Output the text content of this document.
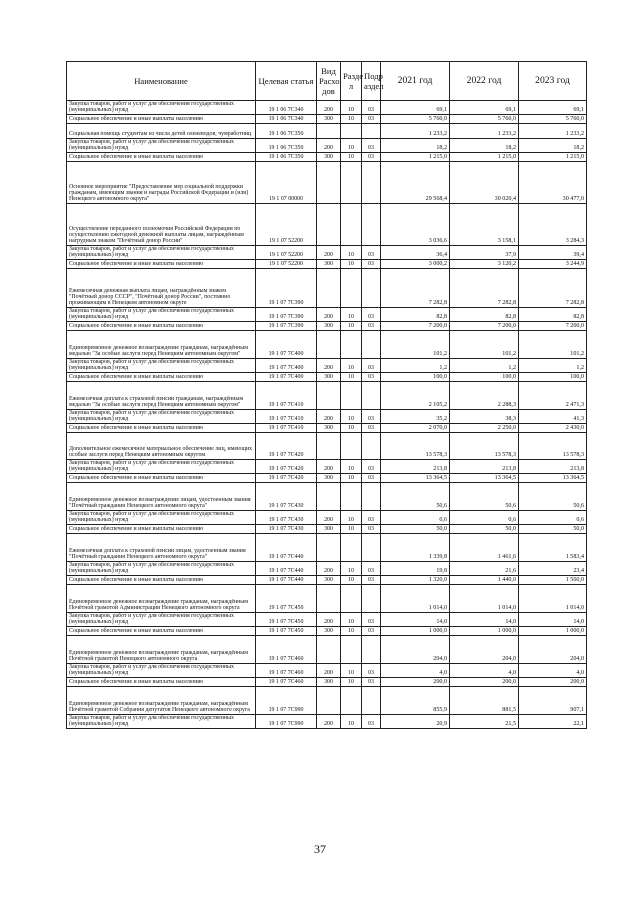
Наименование	Целевая статья	Вид Расхо дов	Разде л	Подр аздел	2021 год	2022 год	2023 год
Закупка товаров, работ и услуг для обеспечения государственных (муниципальных) нужд	19 1 06 7С340	200	10	03	69,1	69,1	69,1
Социальное обеспечение и иные выплаты населению	19 1 06 7С340	300	10	03	5 760,0	5 760,0	5 760,0
Социальная помощь студентам из числа детей оленеводов, чумработниц	19 1 06 7С350				1 233,2	1 233,2	1 233,2
Закупка товаров, работ и услуг для обеспечения государственных (муниципальных) нужд	19 1 06 7С350	200	10	03	18,2	18,2	18,2
Социальное обеспечение и иные выплаты населению	19 1 06 7С350	300	10	03	1 215,0	1 215,0	1 215,0
Основное мероприятие "Предоставление мер социальной поддержки гражданам, имеющим звания и награды Российской Федерации и (или) Ненецкого автономного округа"	19 1 07 00000				29 568,4	30 020,4	30 477,0
Осуществление переданного полномочия Российской Федерации по осуществлению ежегодной денежной выплаты лицам, награждённым нагрудным знаком "Почётный донор России"	19 1 07 52200				3 036,6	3 158,1	3 284,3
Закупка товаров, работ и услуг для обеспечения государственных (муниципальных) нужд	19 1 07 52200	200	10	03	36,4	37,9	39,4
Социальное обеспечение и иные выплаты населению	19 1 07 52200	300	10	03	3 000,2	3 120,2	3 244,9
Ежемесячная денежная выплата лицам, награждённым знаком "Почётный донор СССР", "Почётный донор России", постоянно проживающим в Ненецком автономном округе	19 1 07 7С390				7 282,8	7 282,8	7 282,8
Закупка товаров, работ и услуг для обеспечения государственных (муниципальных) нужд	19 1 07 7С390	200	10	03	82,8	82,8	82,8
Социальное обеспечение и иные выплаты населению	19 1 07 7С390	300	10	03	7 200,0	7 200,0	7 200,0
Единовременное денежное вознаграждение гражданам, награждённым медалью "За особые заслуги перед Ненецким автономным округом"	19 1 07 7С400				101,2	101,2	101,2
Закупка товаров, работ и услуг для обеспечения государственных (муниципальных) нужд	19 1 07 7С400	200	10	03	1,2	1,2	1,2
Социальное обеспечение и иные выплаты населению	19 1 07 7С400	300	10	03	100,0	100,0	100,0
Ежемесячная доплата к страховой пенсии гражданам, награждённым медалью "За особые заслуги перед Ненецким автономным округом"	19 1 07 7С410				2 105,2	2 288,3	2 471,3
Закупка товаров, работ и услуг для обеспечения государственных (муниципальных) нужд	19 1 07 7С410	200	10	03	35,2	38,3	41,3
Социальное обеспечение и иные выплаты населению	19 1 07 7С410	300	10	03	2 070,0	2 250,0	2 430,0
Дополнительное ежемесячное материальное обеспечение лиц, имеющих особые заслуги перед Ненецким автономным округом	19 1 07 7С420				13 578,3	13 578,3	13 578,3
Закупка товаров, работ и услуг для обеспечения государственных (муниципальных) нужд	19 1 07 7С420	200	10	03	213,8	213,8	213,8
Социальное обеспечение и иные выплаты населению	19 1 07 7С420	300	10	03	13 364,5	13 364,5	13 364,5
Единовременное денежное вознаграждение лицам, удостоенным звания "Почётный гражданин Ненецкого автономного округа"	19 1 07 7С430				50,6	50,6	50,6
Закупка товаров, работ и услуг для обеспечения государственных (муниципальных) нужд	19 1 07 7С430	200	10	03	0,6	0,6	0,6
Социальное обеспечение и иные выплаты населению	19 1 07 7С430	300	10	03	50,0	50,0	50,0
Ежемесячная доплата к страховой пенсии лицам, удостоенным звания "Почётный гражданин Ненецкого автономного округа"	19 1 07 7С440				1 339,8	1 461,6	1 583,4
Закупка товаров, работ и услуг для обеспечения государственных (муниципальных) нужд	19 1 07 7С440	200	10	03	19,8	21,6	23,4
Социальное обеспечение и иные выплаты населению	19 1 07 7С440	300	10	03	1 320,0	1 440,0	1 560,0
Единовременное денежное вознаграждение гражданам, награждённым Почётной грамотой Администрации Ненецкого автономного округа	19 1 07 7С450				1 014,0	1 014,0	1 014,0
Закупка товаров, работ и услуг для обеспечения государственных (муниципальных) нужд	19 1 07 7С450	200	10	03	14,0	14,0	14,0
Социальное обеспечение и иные выплаты населению	19 1 07 7С450	300	10	03	1 000,0	1 000,0	1 000,0
Единовременное денежное вознаграждение гражданам, награждённым Почётной грамотой Ненецкого автономного округа	19 1 07 7С460				204,0	204,0	204,0
Закупка товаров, работ и услуг для обеспечения государственных (муниципальных) нужд	19 1 07 7С460	200	10	03	4,0	4,0	4,0
Социальное обеспечение и иные выплаты населению	19 1 07 7С460	300	10	03	200,0	200,0	200,0
Единовременное денежное вознаграждение гражданам, награждённым Почётной грамотой Собрания депутатов Ненецкого автономного округа	19 1 07 7С990				855,9	881,5	907,1
Закупка товаров, работ и услуг для обеспечения государственных (муниципальных) нужд	19 1 07 7С990	200	10	03	20,9	21,5	22,1
37
